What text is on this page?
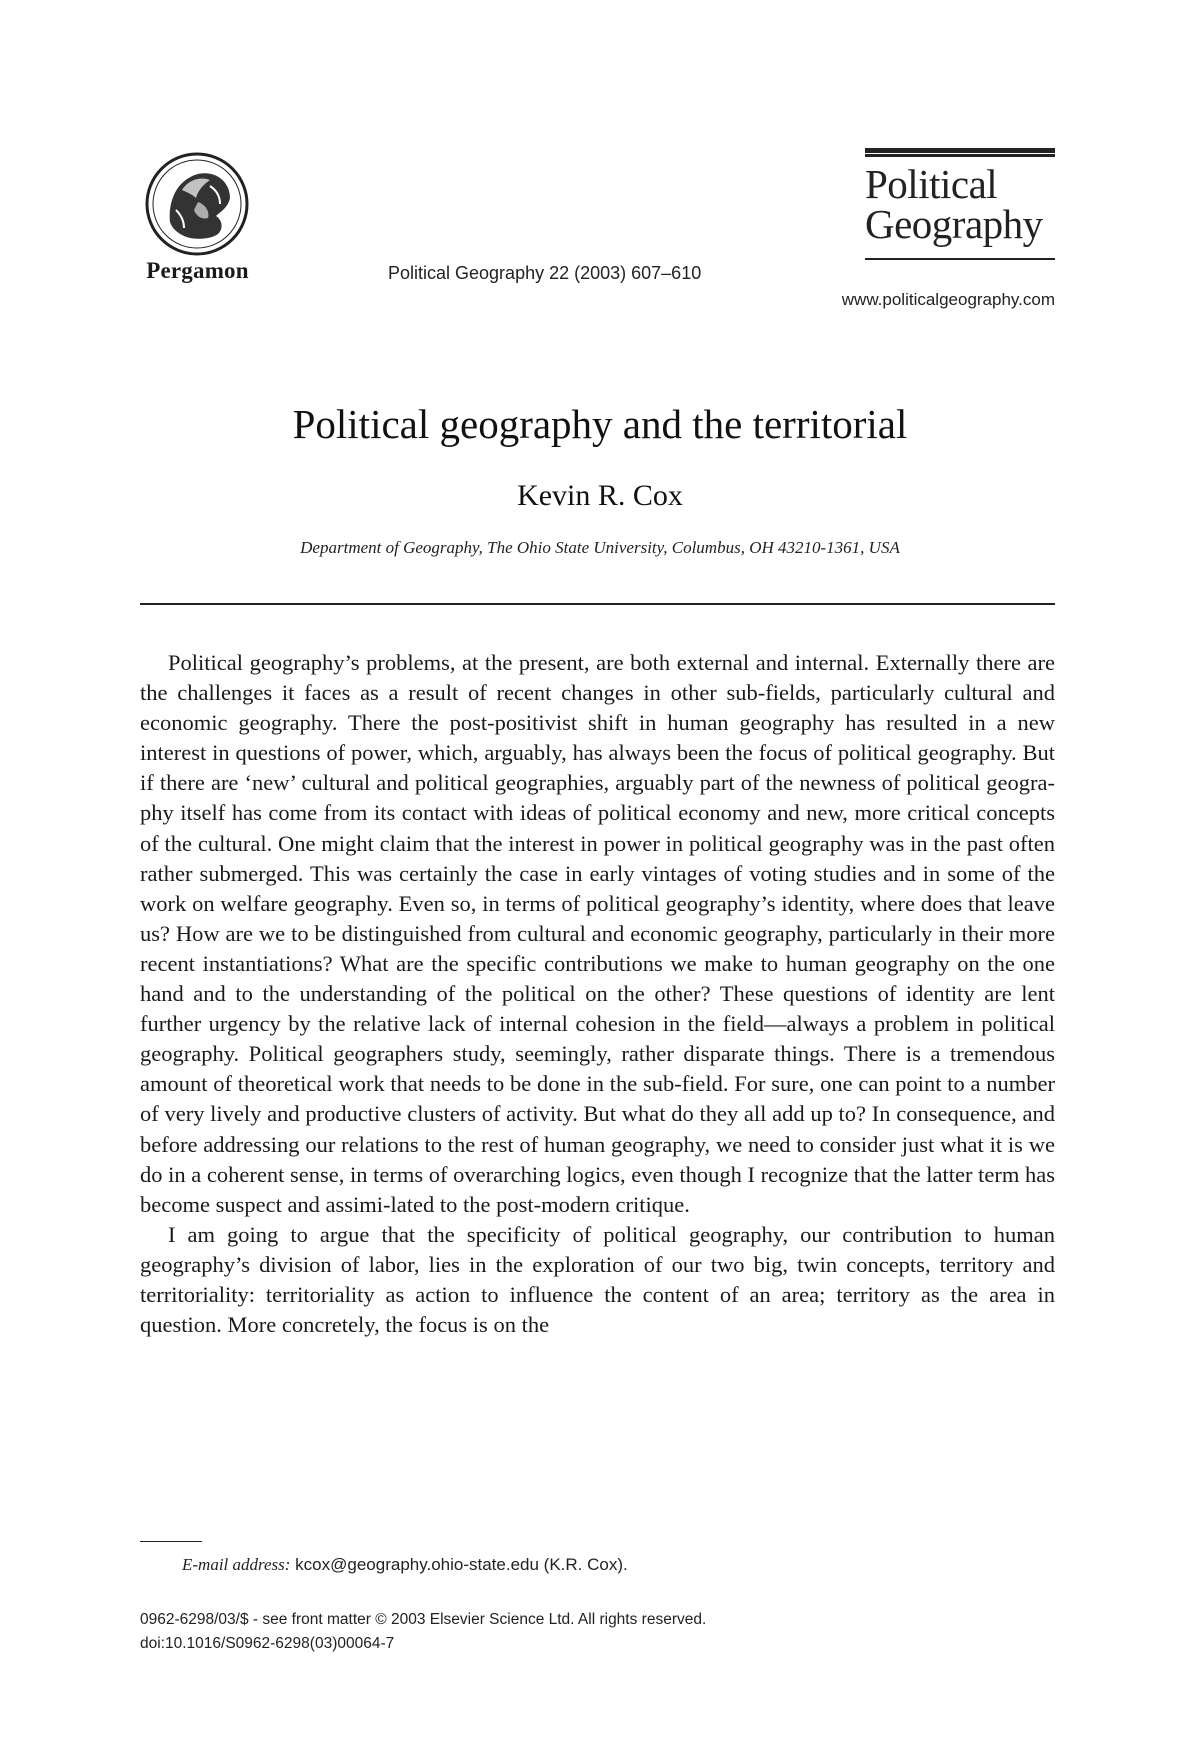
Pergamon	Political Geography 22 (2003) 607–610
Political
Geography
www.politicalgeography.com
Political geography and the territorial
Kevin R. Cox
Department of Geography, The Ohio State University, Columbus, OH 43210-1361, USA

Political geography’s problems, at the present, are both external and internal. Externally there are the challenges it faces as a result of recent changes in other sub-fields, particularly cultural and economic geography. There the post-positivist shift in human geography has resulted in a new interest in questions of power, which, arguably, has always been the focus of political geography. But if there are ‘new’ cultural and political geographies, arguably part of the newness of political geogra-phy itself has come from its contact with ideas of political economy and new, more critical concepts of the cultural. One might claim that the interest in power in political geography was in the past often rather submerged. This was certainly the case in early vintages of voting studies and in some of the work on welfare geography. Even so, in terms of political geography’s identity, where does that leave us? How are we to be distinguished from cultural and economic geography, particularly in their more recent instantiations? What are the specific contributions we make to human geography on the one hand and to the understanding of the political on the other? These questions of identity are lent further urgency by the relative lack of internal cohesion in the field—always a problem in political geography. Political geographers study, seemingly, rather disparate things. There is a tremendous amount of theoretical work that needs to be done in the sub-field. For sure, one can point to a number of very lively and productive clusters of activity. But what do they all add up to? In consequence, and before addressing our relations to the rest of human geography, we need to consider just what it is we do in a coherent sense, in terms of overarching logics, even though I recognize that the latter term has become suspect and assimi-lated to the post-modern critique.

I am going to argue that the specificity of political geography, our contribution to human geography’s division of labor, lies in the exploration of our two big, twin concepts, territory and territoriality: territoriality as action to influence the content of an area; territory as the area in question. More concretely, the focus is on the

E-mail address: kcox@geography.ohio-state.edu (K.R. Cox).
0962-6298/03/$ - see front matter © 2003 Elsevier Science Ltd. All rights reserved.
doi:10.1016/S0962-6298(03)00064-7
